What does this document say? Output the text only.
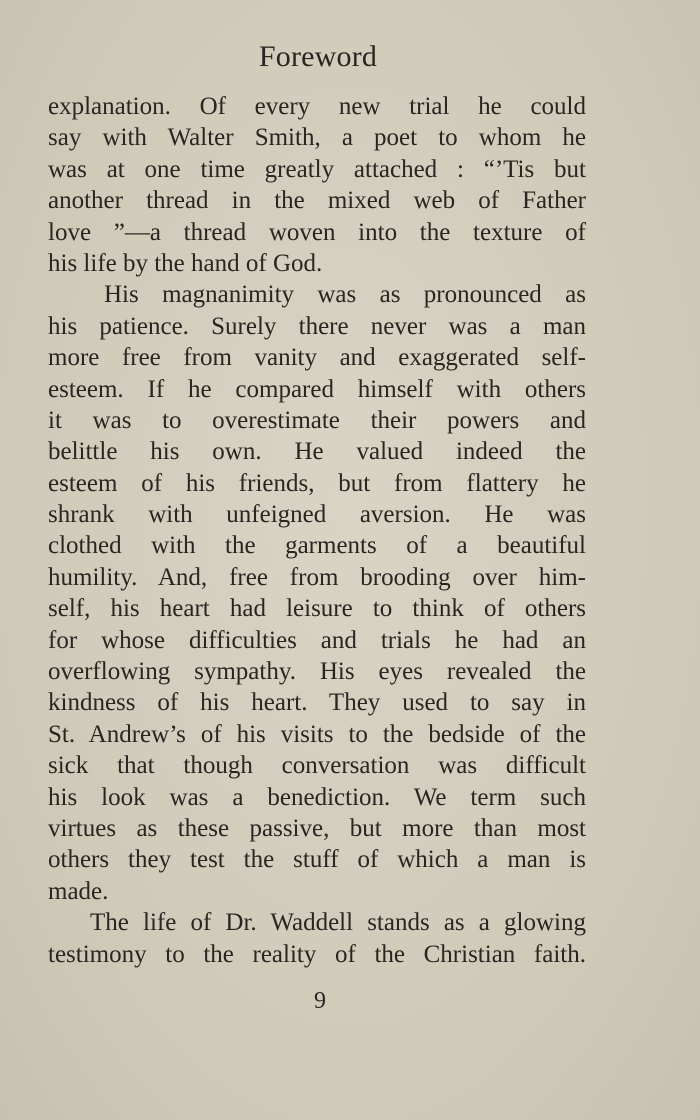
Foreword
explanation. Of every new trial he could
say with Walter Smith, a poet to whom he
was at one time greatly attached : “’Tis but
another thread in the mixed web of Father
love ”—a thread woven into the texture of
his life by the hand of God.
His magnanimity was as pronounced as
his patience. Surely there never was a man
more free from vanity and exaggerated self-
esteem. If he compared himself with others
it was to overestimate their powers and
belittle his own. He valued indeed the
esteem of his friends, but from flattery he
shrank with unfeigned aversion. He was
clothed with the garments of a beautiful
humility. And, free from brooding over him-
self, his heart had leisure to think of others
for whose difficulties and trials he had an
overflowing sympathy. His eyes revealed the
kindness of his heart. They used to say in
St. Andrew’s of his visits to the bedside of the
sick that though conversation was difficult
his look was a benediction. We term such
virtues as these passive, but more than most
others they test the stuff of which a man is
made.
The life of Dr. Waddell stands as a glowing
testimony to the reality of the Christian faith.
9
